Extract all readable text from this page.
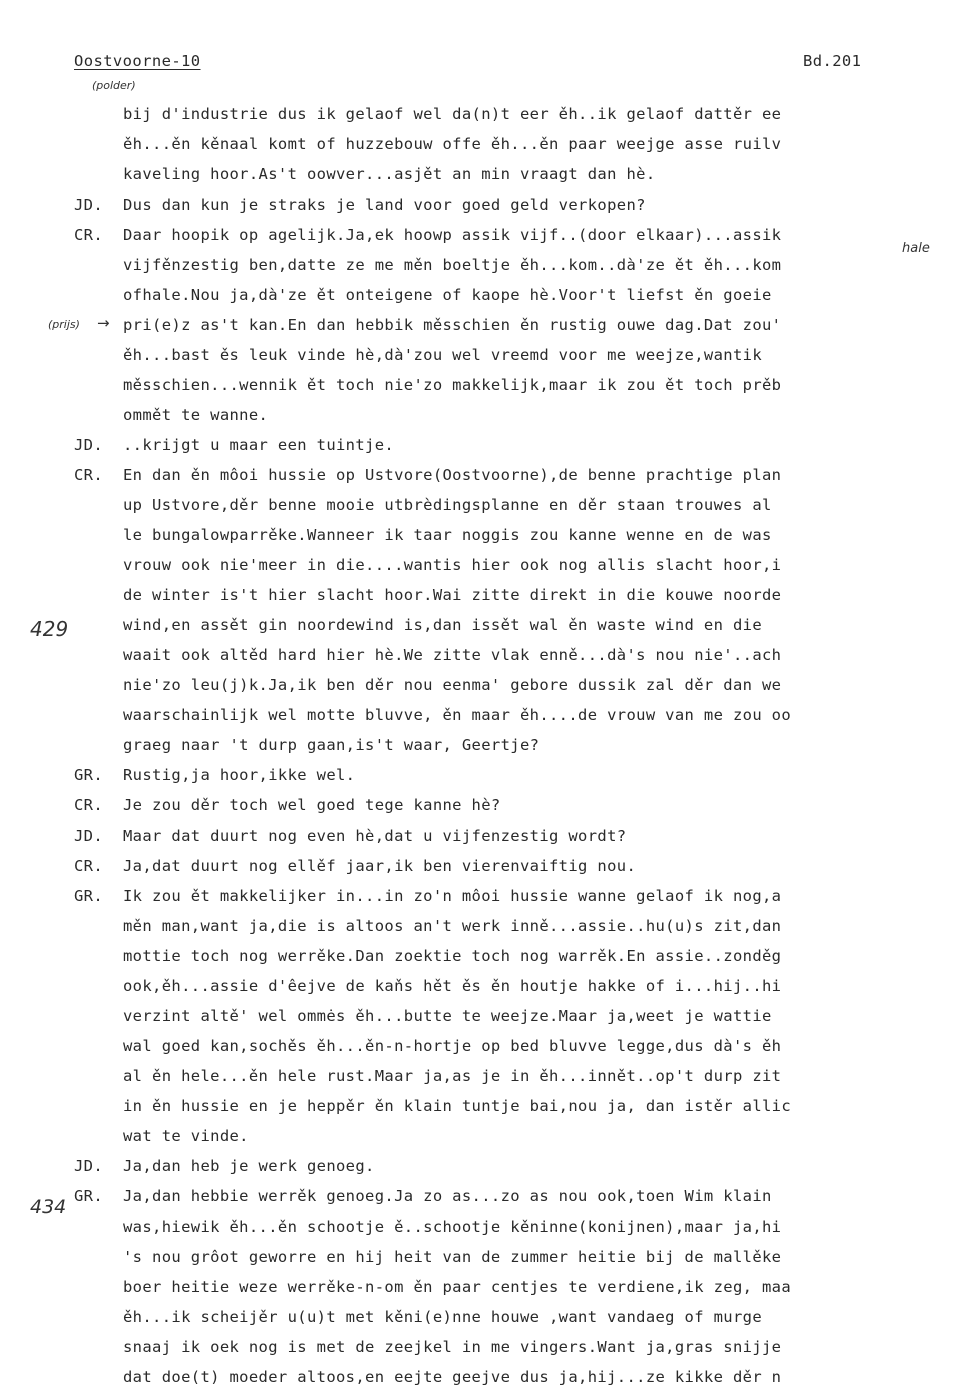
Oostvoorne-10	Bd.201
(polder)
(prijs) →
hale
429
434
bij d'industrie dus ik gelaof wel da(n)t eer ěh..ik gelaof dattěr ee
ěh...ěn kěnaal komt of huzzebouw offe ěh...ěn paar weejge asse ruilv
kaveling hoor.As't oowver...asjět an min vraagt dan hè.
JD. Dus dan kun je straks je land voor goed geld verkopen?
CR. Daar hoopik op agelijk.Ja,ek hoowp assik vijf..(door elkaar)...assik
vijfěnzestig ben,datte ze me měn boeltje ěh...kom..dà'ze ět ěh...kom
ofhale.Nou ja,dà'ze ět onteigene of kaope hè.Voor't liefst ěn goeie
pri(e)z as't kan.En dan hebbik měsschien ěn rustig ouwe dag.Dat zou'
ěh...bast ěs leuk vinde hè,dà'zou wel vreemd voor me weejze,wantik
měsschien...wennik ět toch nie'zo makkelijk,maar ik zou ět toch prěb
ommět te wanne.
JD. ..krijgt u maar een tuintje.
CR. En dan ěn môoi hussie op Ustvore(Oostvoorne),de benne prachtige plan
up Ustvore,děr benne mooie utbrèdingsplanne en děr staan trouwes al
le bungalowparrěke.Wanneer ik taar noggis zou kanne wenne en de was
vrouw ook nie'meer in die....wantis hier ook nog allis slacht hoor,i
de winter is't hier slacht hoor.Wai zitte direkt in die kouwe noorde
wind,en assět gin noordewind is,dan issět wal ěn waste wind en die
waait ook altěd hard hier hè.We zitte vlak enně...dà's nou nie'..ach
nie'zo leu(j)k.Ja,ik ben děr nou eenma' gebore dussik zal děr dan we
waarschainlijk wel motte bluvve, ěn maar ěh....de vrouw van me zou oo
graeg naar 't durp gaan,is't waar, Geertje?
GR. Rustig,ja hoor,ikke wel.
CR. Je zou děr toch wel goed tege kanne hè?
JD. Maar dat duurt nog even hè,dat u vijfenzestig wordt?
CR. Ja,dat duurt nog ellěf jaar,ik ben vierenvaiftig nou.
GR. Ik zou ět makkelijker in...in zo'n môoi hussie wanne gelaof ik nog,a
měn man,want ja,die is altoos an't werk inně...assie..hu(u)s zit,dan
mottie toch nog werrěke.Dan zoektie toch nog warrěk.En assie..zonděg
ook,ěh...assie d'êejve de kaňs hět ěs ěn houtje hakke of i...hij..hi
verzint altě' wel ommės ěh...butte te weejze.Maar ja,weet je wattie
wal goed kan,sochěs ěh...ěn-n-hortje op bed bluvve legge,dus dà's ěh
al ěn hele...ěn hele rust.Maar ja,as je in ěh...innět..op't durp zit
in ěn hussie en je heppěr ěn klain tuntje bai,nou ja, dan istěr allic
wat te vinde.
JD. Ja,dan heb je werk genoeg.
GR. Ja,dan hebbie werrěk genoeg.Ja zo as...zo as nou ook,toen Wim klain
was,hiewik ěh...ěn schootje ě..schootje kěninne(konijnen),maar ja,hi
's nou grôot geworre en hij heit van de zummer heitie bij de mallěke
boer heitie weze werrěke-n-om ěn paar centjes te verdiene,ik zeg, maa
ěh...ik scheijěr u(u)t met kěni(e)nne houwe ,want vandaeg of murge
snaaj ik oek nog is met de zeejkel in me vingers.Want ja,gras snijje
dat doe(t) moeder altoos,en eejte geejve dus ja,hij...ze kikke děr n
